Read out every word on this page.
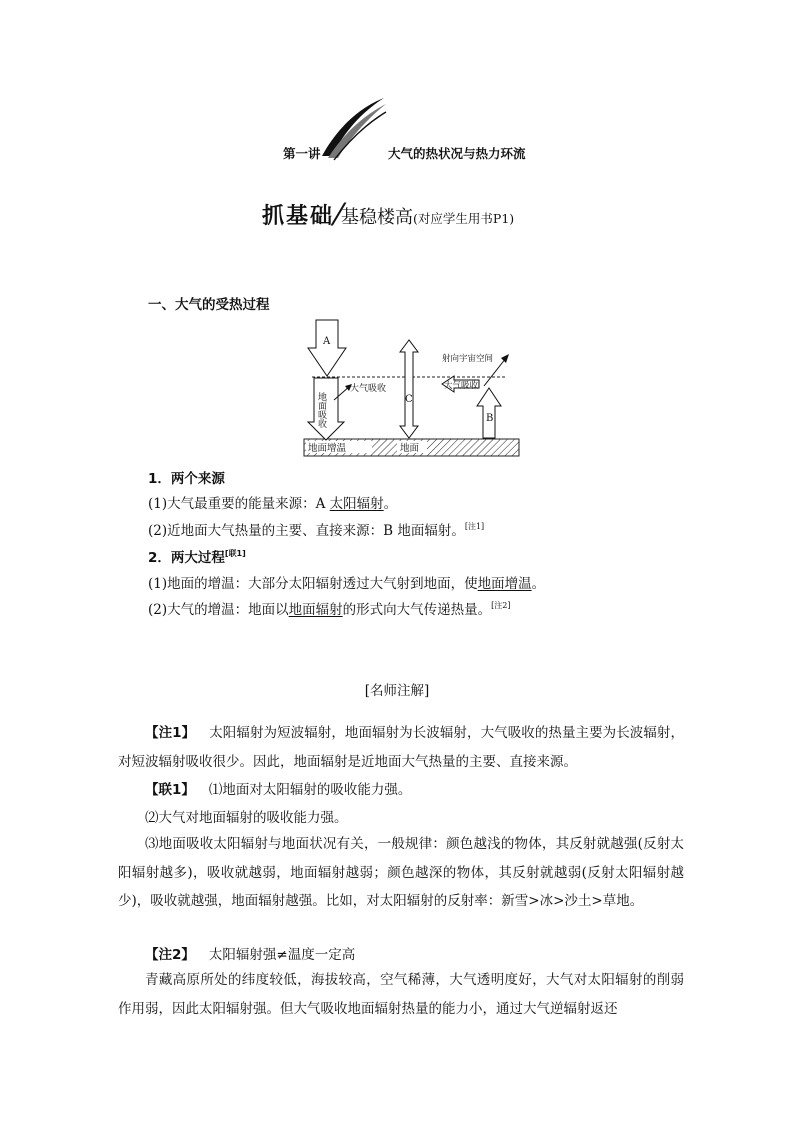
第一讲	大气的热状况与热力环流
抓基础⁄基稳楼高(对应学生用书P1)
一、大气的受热过程
地面增温	地面
A
地面吸收
大气吸收
C
B
大气吸收
射向宇宙空间
1．两个来源
(1)大气最重要的能量来源：A 太阳辐射。
(2)近地面大气热量的主要、直接来源：B 地面辐射。[注1]
2．两大过程[联1]
(1)地面的增温：大部分太阳辐射透过大气射到地面，使地面增温。
(2)大气的增温：地面以地面辐射的形式向大气传递热量。[注2]
[名师注解]
【注1】 太阳辐射为短波辐射，地面辐射为长波辐射，大气吸收的热量主要为长波辐射，对短波辐射吸收很少。因此，地面辐射是近地面大气热量的主要、直接来源。
【联1】 ⑴地面对太阳辐射的吸收能力强。
⑵大气对地面辐射的吸收能力强。
⑶地面吸收太阳辐射与地面状况有关，一般规律：颜色越浅的物体，其反射就越强(反射太阳辐射越多)，吸收就越弱，地面辐射越弱；颜色越深的物体，其反射就越弱(反射太阳辐射越少)，吸收就越强，地面辐射越强。比如，对太阳辐射的反射率：新雪>冰>沙土>草地。
【注2】 太阳辐射强≠温度一定高
青藏高原所处的纬度较低，海拔较高，空气稀薄，大气透明度好，大气对太阳辐射的削弱作用弱，因此太阳辐射强。但大气吸收地面辐射热量的能力小，通过大气逆辐射返还
